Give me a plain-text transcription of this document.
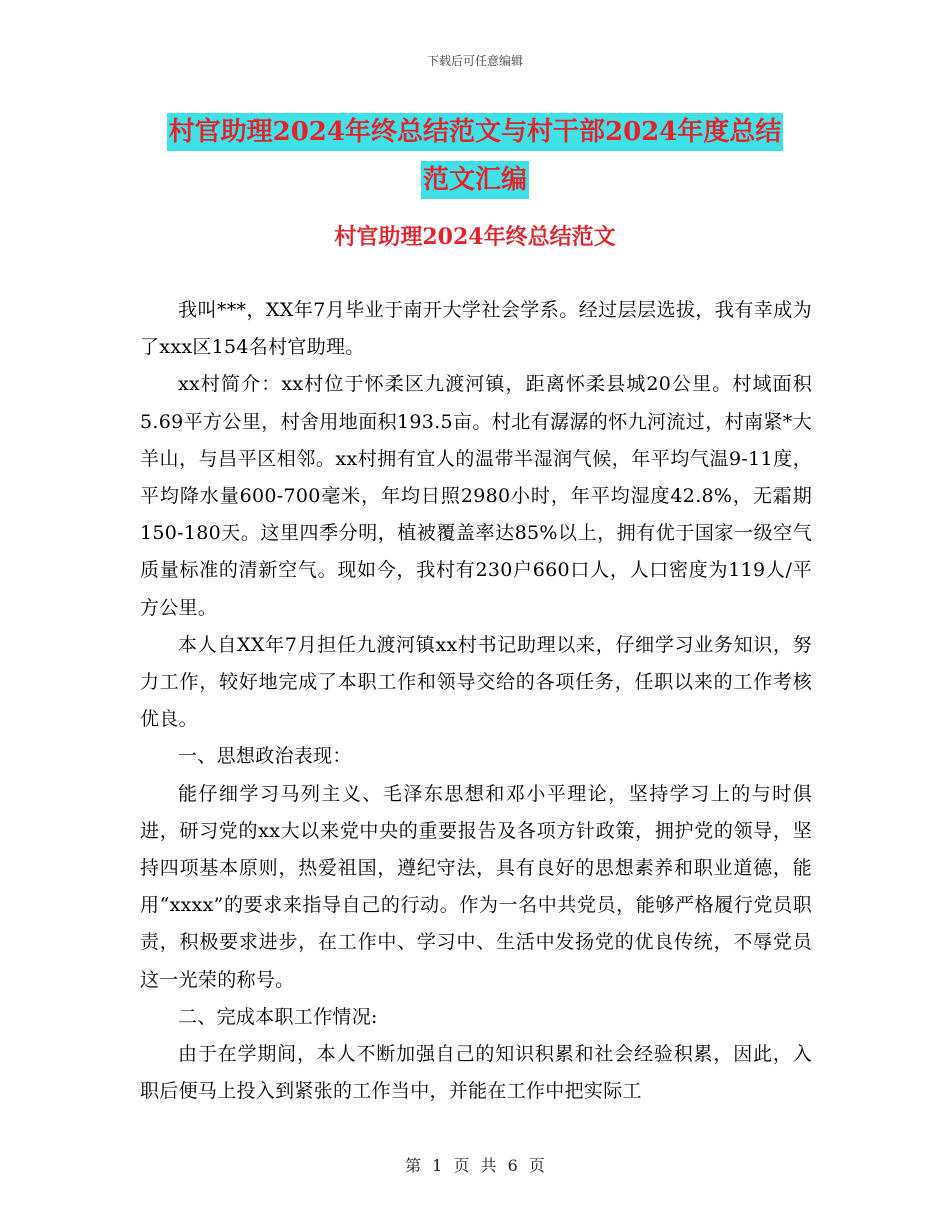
下载后可任意编辑
村官助理2024年终总结范文与村干部2024年度总结
范文汇编
村官助理2024年终总结范文

我叫***，XX年7月毕业于南开大学社会学系。经过层层选拔，我有幸成为了xxx区154名村官助理。

xx村简介：xx村位于怀柔区九渡河镇，距离怀柔县城20公里。村域面积5.69平方公里，村舍用地面积193.5亩。村北有潺潺的怀九河流过，村南紧*大羊山，与昌平区相邻。xx村拥有宜人的温带半湿润气候，年平均气温9-11度，平均降水量600-700毫米，年均日照2980小时，年平均湿度42.8%，无霜期150-180天。这里四季分明，植被覆盖率达85%以上，拥有优于国家一级空气质量标准的清新空气。现如今，我村有230户660口人，人口密度为119人/平方公里。

本人自XX年7月担任九渡河镇xx村书记助理以来，仔细学习业务知识，努力工作，较好地完成了本职工作和领导交给的各项任务，任职以来的工作考核优良。

一、思想政治表现：

能仔细学习马列主义、毛泽东思想和邓小平理论，坚持学习上的与时俱进，研习党的xx大以来党中央的重要报告及各项方针政策，拥护党的领导，坚持四项基本原则，热爱祖国，遵纪守法，具有良好的思想素养和职业道德，能用“xxxx”的要求来指导自己的行动。作为一名中共党员，能够严格履行党员职责，积极要求进步，在工作中、学习中、生活中发扬党的优良传统，不辱党员这一光荣的称号。

二、完成本职工作情况:

由于在学期间，本人不断加强自己的知识积累和社会经验积累，因此，入职后便马上投入到紧张的工作当中，并能在工作中把实际工

第 1 页 共 6 页
